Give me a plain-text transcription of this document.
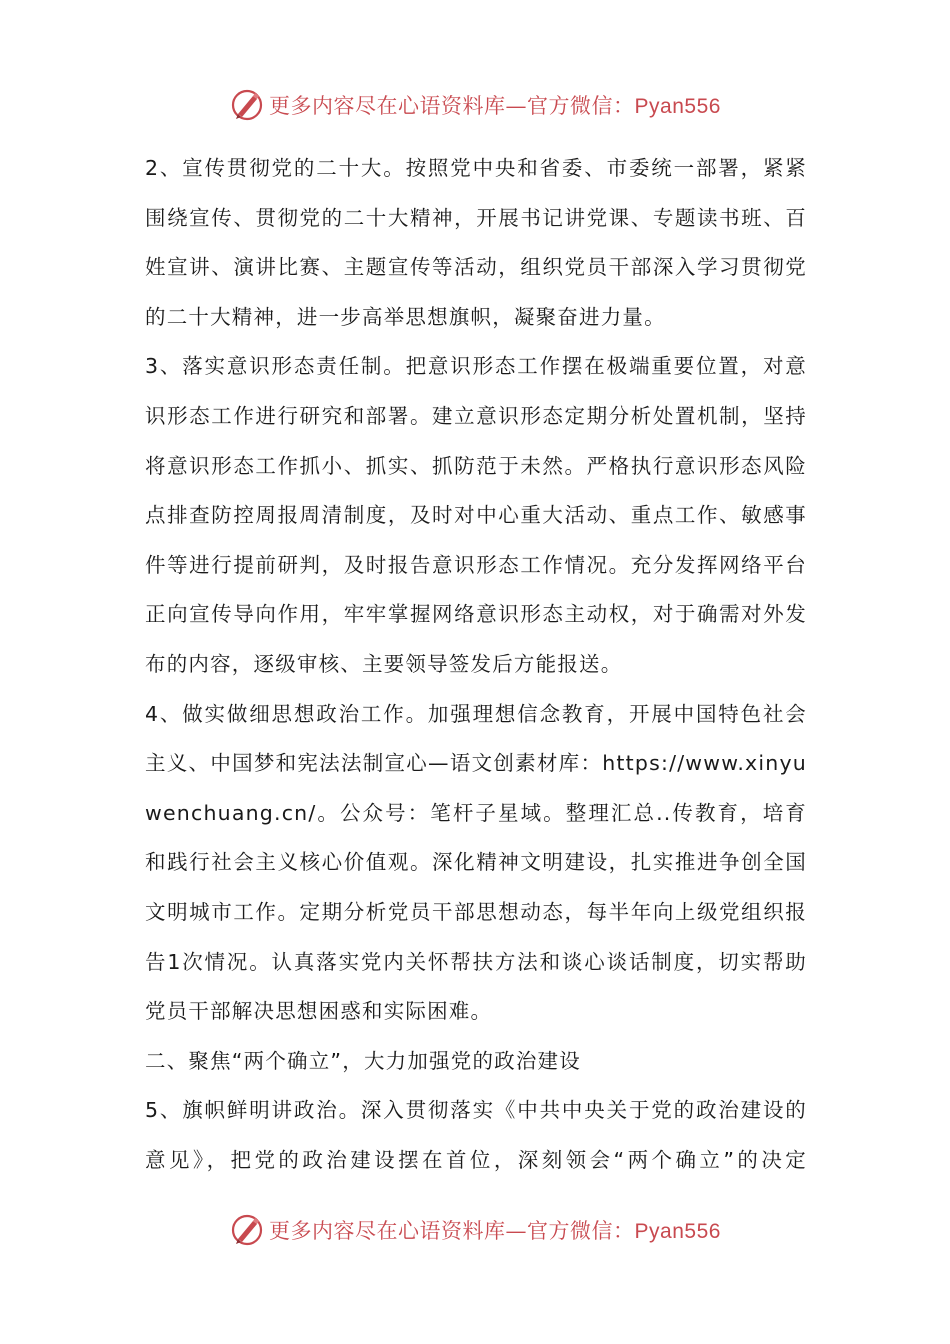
更多内容尽在心语资料库—官方微信：Pyan556

2、宣传贯彻党的二十大。按照党中央和省委、市委统一部署，紧紧围绕宣传、贯彻党的二十大精神，开展书记讲党课、专题读书班、百姓宣讲、演讲比赛、主题宣传等活动，组织党员干部深入学习贯彻党的二十大精神，进一步高举思想旗帜，凝聚奋进力量。

3、落实意识形态责任制。把意识形态工作摆在极端重要位置，对意识形态工作进行研究和部署。建立意识形态定期分析处置机制，坚持将意识形态工作抓小、抓实、抓防范于未然。严格执行意识形态风险点排查防控周报周清制度，及时对中心重大活动、重点工作、敏感事件等进行提前研判，及时报告意识形态工作情况。充分发挥网络平台正向宣传导向作用，牢牢掌握网络意识形态主动权，对于确需对外发布的内容，逐级审核、主要领导签发后方能报送。

4、做实做细思想政治工作。加强理想信念教育，开展中国特色社会主义、中国梦和宪法法制宣心—语文创素材库：https://www.xinyuwenchuang.cn/。公众号：笔杆子星域。整理汇总..传教育，培育和践行社会主义核心价值观。深化精神文明建设，扎实推进争创全国文明城市工作。定期分析党员干部思想动态，每半年向上级党组织报告1次情况。认真落实党内关怀帮扶方法和谈心谈话制度，切实帮助党员干部解决思想困惑和实际困难。

二、聚焦“两个确立”，大力加强党的政治建设

5、旗帜鲜明讲政治。深入贯彻落实《中共中央关于党的政治建设的意见》，把党的政治建设摆在首位，深刻领会“两个确立”的决定

更多内容尽在心语资料库—官方微信：Pyan556
